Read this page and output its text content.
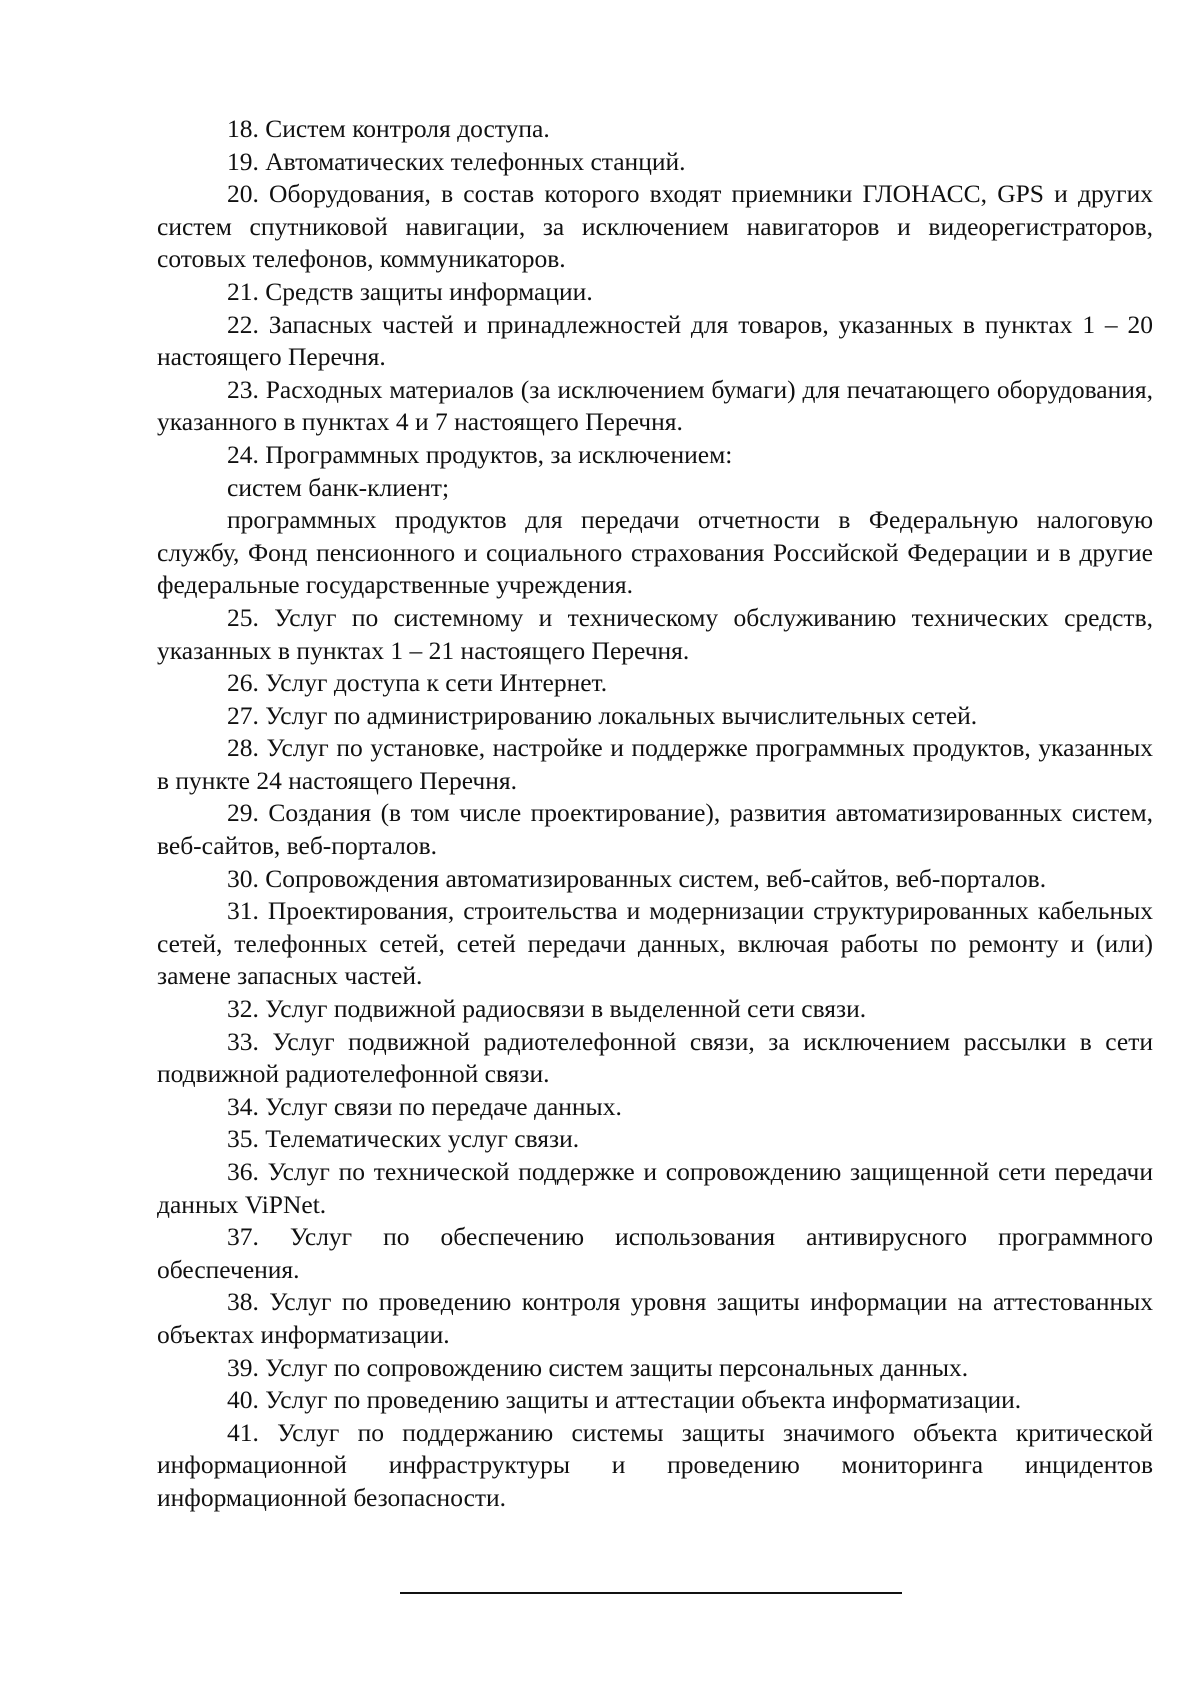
18. Систем контроля доступа.

19. Автоматических телефонных станций.

20. Оборудования, в состав которого входят приемники ГЛОНАСС, GPS и других систем спутниковой навигации, за исключением навигаторов и видеорегистраторов, сотовых телефонов, коммуникаторов.

21. Средств защиты информации.

22. Запасных частей и принадлежностей для товаров, указанных в пунктах 1 – 20 настоящего Перечня.

23. Расходных материалов (за исключением бумаги) для печатающего оборудования, указанного в пунктах 4 и 7 настоящего Перечня.

24. Программных продуктов, за исключением:

систем банк-клиент;

программных продуктов для передачи отчетности в Федеральную налоговую службу, Фонд пенсионного и социального страхования Российской Федерации и в другие федеральные государственные учреждения.

25. Услуг по системному и техническому обслуживанию технических средств, указанных в пунктах 1 – 21 настоящего Перечня.

26. Услуг доступа к сети Интернет.

27. Услуг по администрированию локальных вычислительных сетей.

28. Услуг по установке, настройке и поддержке программных продуктов, указанных в пункте 24 настоящего Перечня.

29. Создания (в том числе проектирование), развития автоматизированных систем, веб-сайтов, веб-порталов.

30. Сопровождения автоматизированных систем, веб-сайтов, веб-порталов.

31. Проектирования, строительства и модернизации структурированных кабельных сетей, телефонных сетей, сетей передачи данных, включая работы по ремонту и (или) замене запасных частей.

32. Услуг подвижной радиосвязи в выделенной сети связи.

33. Услуг подвижной радиотелефонной связи, за исключением рассылки в сети подвижной радиотелефонной связи.

34. Услуг связи по передаче данных.

35. Телематических услуг связи.

36. Услуг по технической поддержке и сопровождению защищенной сети передачи данных ViPNet.

37. Услуг по обеспечению использования антивирусного программного обеспечения.

38. Услуг по проведению контроля уровня защиты информации на аттестованных объектах информатизации.

39. Услуг по сопровождению систем защиты персональных данных.

40. Услуг по проведению защиты и аттестации объекта информатизации.

41. Услуг по поддержанию системы защиты значимого объекта критической информационной инфраструктуры и проведению мониторинга инцидентов информационной безопасности.
